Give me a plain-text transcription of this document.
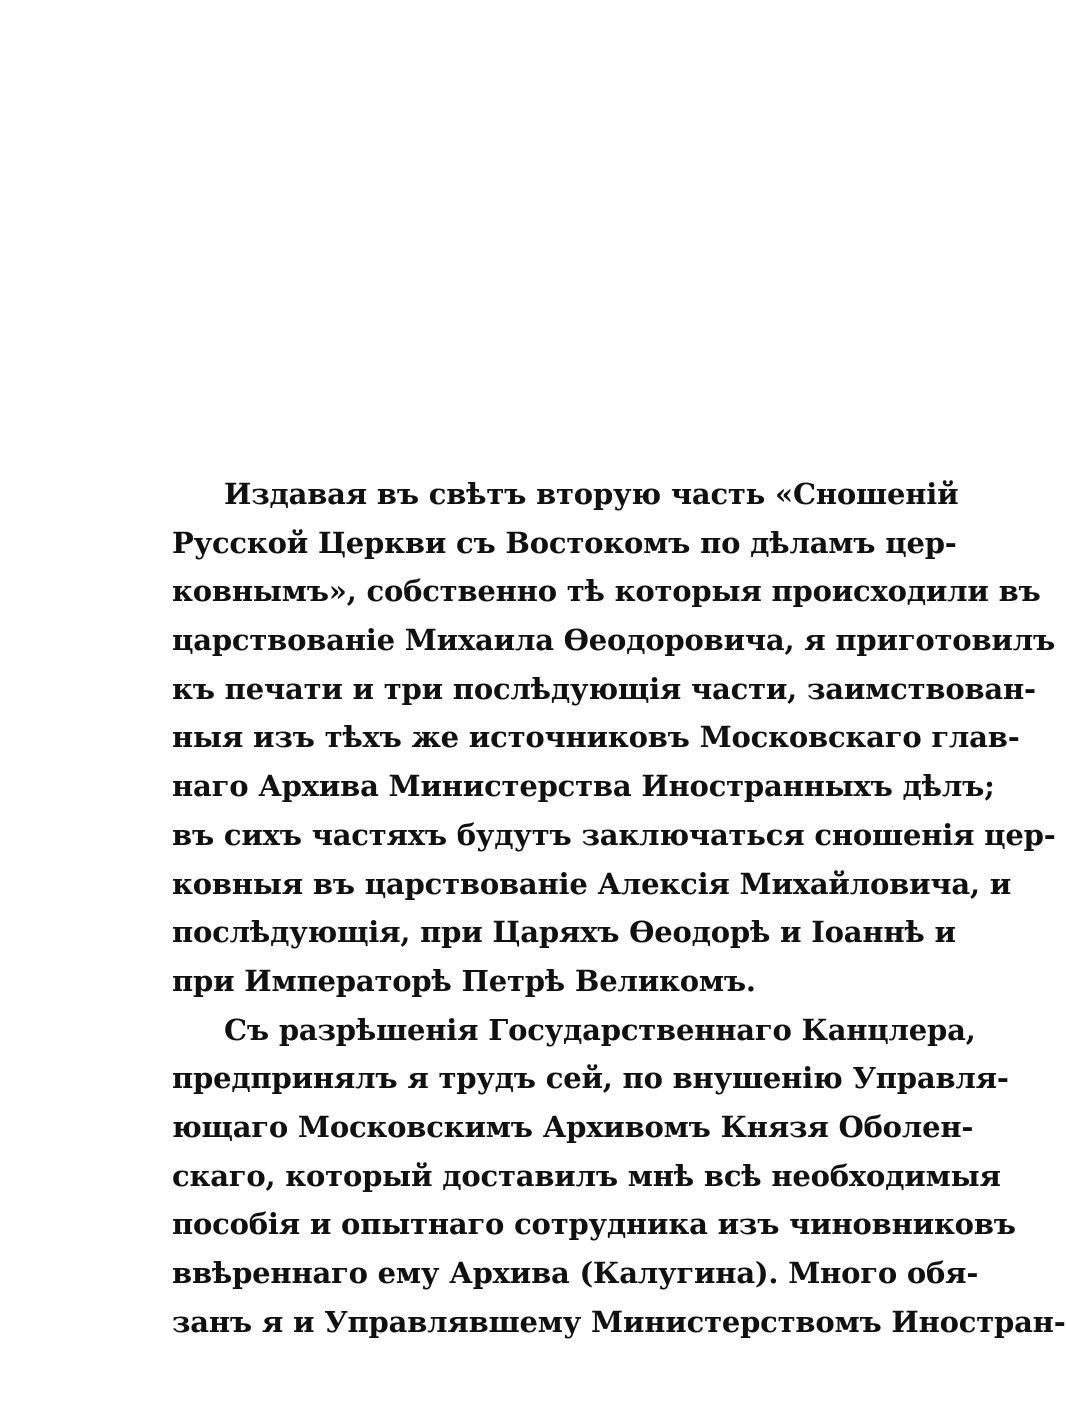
Издавая въ свѣтъ вторую часть «Сношеній
Русской Церкви съ Востокомъ по дѣламъ цер-
ковнымъ», собственно тѣ которыя происходили въ
царствованіе Михаила Ѳеодоровича, я приготовилъ
къ печати и три послѣдующія части, заимствован-
ныя изъ тѣхъ же источниковъ Московскаго глав-
наго Архива Министерства Иностранныхъ дѣлъ;
въ сихъ частяхъ будутъ заключаться сношенія цер-
ковныя въ царствованіе Алексія Михайловича, и
послѣдующія, при Царяхъ Ѳеодорѣ и Іоаннѣ и
при Императорѣ Петрѣ Великомъ.
Съ разрѣшенія Государственнаго Канцлера,
предпринялъ я трудъ сей, по внушенію Управля-
ющаго Московскимъ Архивомъ Князя Оболен-
скаго, который доставилъ мнѣ всѣ необходимыя
пособія и опытнаго сотрудника изъ чиновниковъ
ввѣреннаго ему Архива (Калугина). Много обя-
занъ я и Управлявшему Министерствомъ Иностран-
